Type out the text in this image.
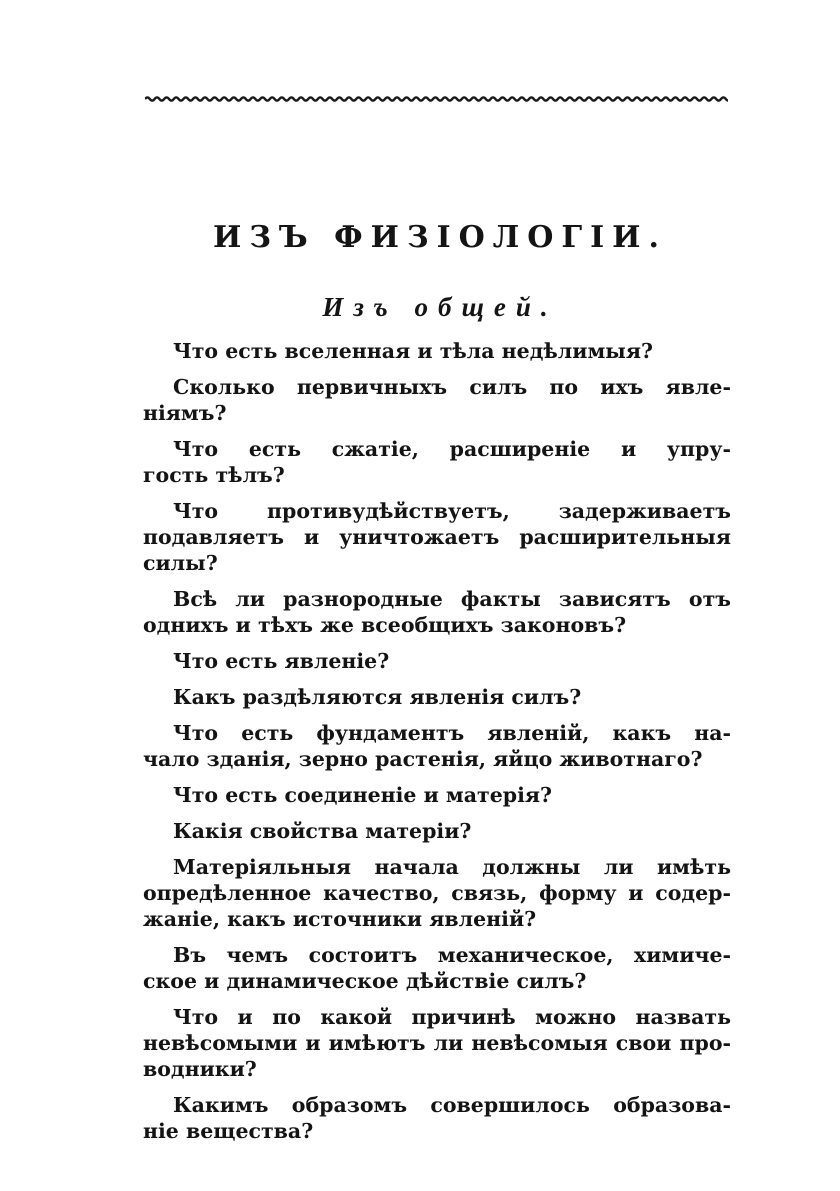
ИЗЪ ФИЗІОЛОГІИ.
Изъ общей.
Что есть вселенная и тѣла недѣлимыя?
Сколько первичныхъ силъ по ихъ явле-
ніямъ?
Что есть сжатіе, расширеніе и упру-
гость тѣлъ?
Что противудѣйствуетъ, задерживаетъ
подавляетъ и уничтожаетъ расширительныя
силы?
Всѣ ли разнородные факты зависятъ отъ
однихъ и тѣхъ же всеобщихъ законовъ?
Что есть явленіе?
Какъ раздѣляются явленія силъ?
Что есть фундаментъ явленій, какъ на-
чало зданія, зерно растенія, яйцо животнаго?
Что есть соединеніе и матерія?
Какія свойства матеріи?
Матеріяльныя начала должны ли имѣть
опредѣленное качество, связь, форму и содер-
жаніе, какъ источники явленій?
Въ чемъ состоитъ механическое, химиче-
ское и динамическое дѣйствіе силъ?
Что и по какой причинѣ можно назвать
невѣсомыми и имѣютъ ли невѣсомыя свои про-
водники?
Какимъ образомъ совершилось образова-
ніе вещества?
